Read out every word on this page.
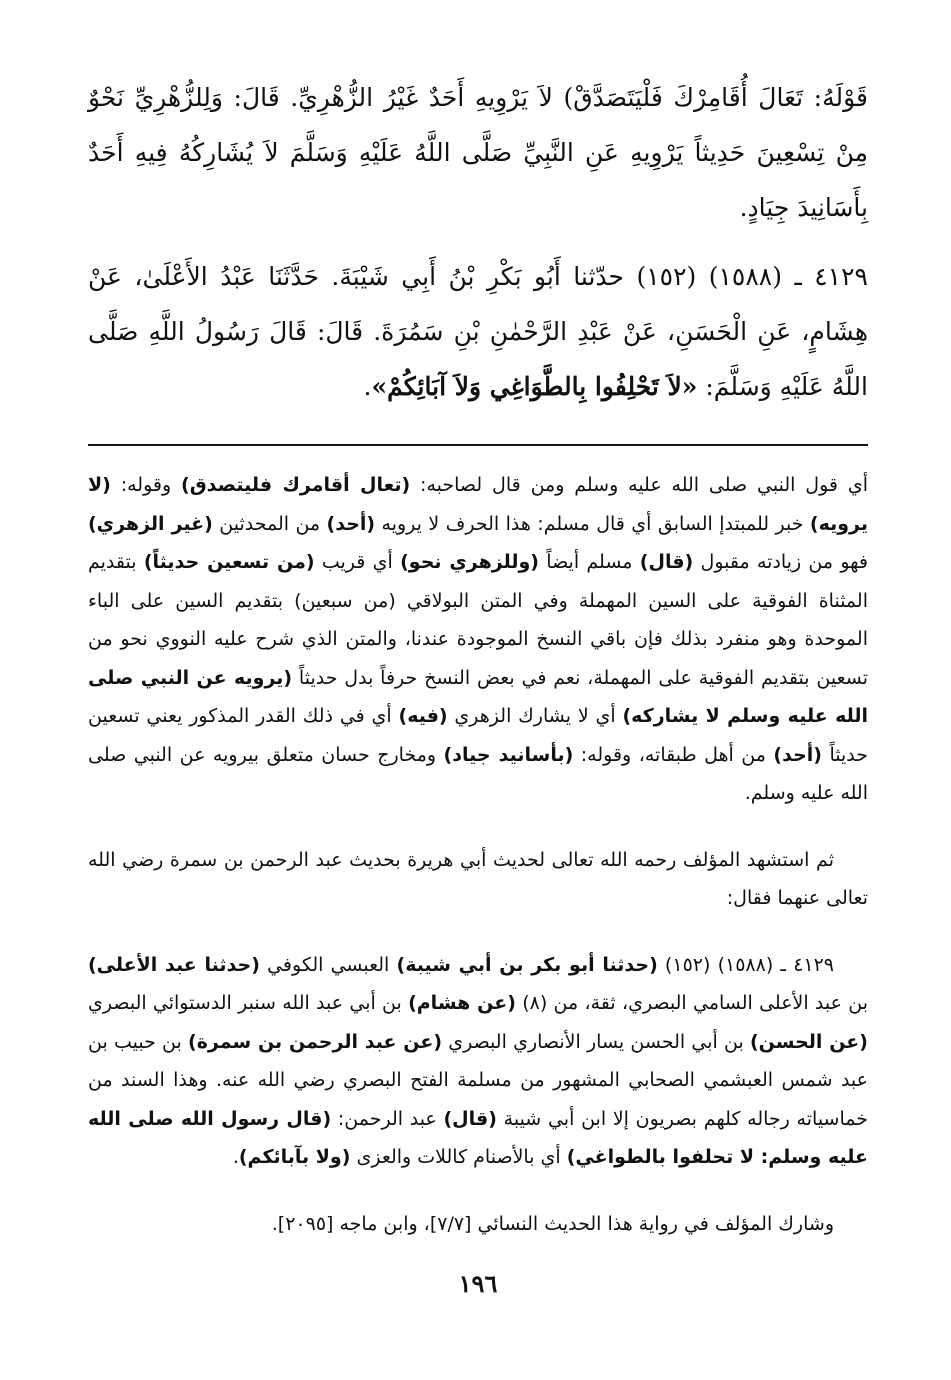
قَوْلَهُ: تَعَالَ أُقَامِرْكَ فَلْيَتَصَدَّقْ) لاَ يَرْوِيهِ أَحَدٌ غَيْرُ الزُّهْرِيِّ. قَالَ: وَلِلزُّهْرِيِّ نَحْوٌ مِنْ تِسْعِينَ حَدِيثاً يَرْوِيهِ عَنِ النَّبِيِّ صَلَّى اللَّهُ عَلَيْهِ وَسَلَّمَ لاَ يُشَارِكُهُ فِيهِ أَحَدٌ بِأَسَانِيدَ جِيَادٍ.

٤١٢٩ ـ (١٥٨٨) (١٥٢) حدّثنا أَبُو بَكْرِ بْنُ أَبِي شَيْبَةَ. حَدَّثَنَا عَبْدُ الأَعْلَىٰ، عَنْ هِشَامٍ، عَنِ الْحَسَنِ، عَنْ عَبْدِ الرَّحْمٰنِ بْنِ سَمُرَةَ. قَالَ: قَالَ رَسُولُ اللَّهِ صَلَّى اللَّهُ عَلَيْهِ وَسَلَّمَ: «لاَ تَحْلِفُوا بِالطَّوَاغِي وَلاَ آبَائِكُمْ».

أي قول النبي صلى الله عليه وسلم ومن قال لصاحبه: (تعال أقامرك فليتصدق) وقوله: (لا يرويه) خبر للمبتدإ السابق أي قال مسلم: هذا الحرف لا يرويه (أحد) من المحدثين (غير الزهري) فهو من زيادته مقبول (قال) مسلم أيضاً (وللزهري نحو) أي قريب (من تسعين حديثاً) بتقديم المثناة الفوقية على السين المهملة وفي المتن البولاقي (من سبعين) بتقديم السين على الباء الموحدة وهو منفرد بذلك فإن باقي النسخ الموجودة عندنا، والمتن الذي شرح عليه النووي نحو من تسعين بتقديم الفوقية على المهملة، نعم في بعض النسخ حرفاً بدل حديثاً (يرويه عن النبي صلى الله عليه وسلم لا يشاركه) أي لا يشارك الزهري (فيه) أي في ذلك القدر المذكور يعني تسعين حديثاً (أحد) من أهل طبقاته، وقوله: (بأسانيد جياد) ومخارج حسان متعلق بيرويه عن النبي صلى الله عليه وسلم.

ثم استشهد المؤلف رحمه الله تعالى لحديث أبي هريرة بحديث عبد الرحمن بن سمرة رضي الله تعالى عنهما فقال:

٤١٢٩ ـ (١٥٨٨) (١٥٢) (حدثنا أبو بكر بن أبي شيبة) العبسي الكوفي (حدثنا عبد الأعلى) بن عبد الأعلى السامي البصري، ثقة، من (٨) (عن هشام) بن أبي عبد الله سنبر الدستوائي البصري (عن الحسن) بن أبي الحسن يسار الأنصاري البصري (عن عبد الرحمن بن سمرة) بن حبيب بن عبد شمس العبشمي الصحابي المشهور من مسلمة الفتح البصري رضي الله عنه. وهذا السند من خماسياته رجاله كلهم بصريون إلا ابن أبي شيبة (قال) عبد الرحمن: (قال رسول الله صلى الله عليه وسلم: لا تحلفوا بالطواغي) أي بالأصنام كاللات والعزى (ولا بآبائكم).

وشارك المؤلف في رواية هذا الحديث النسائي [٧/٧]، وابن ماجه [٢٠٩٥].

١٩٦
